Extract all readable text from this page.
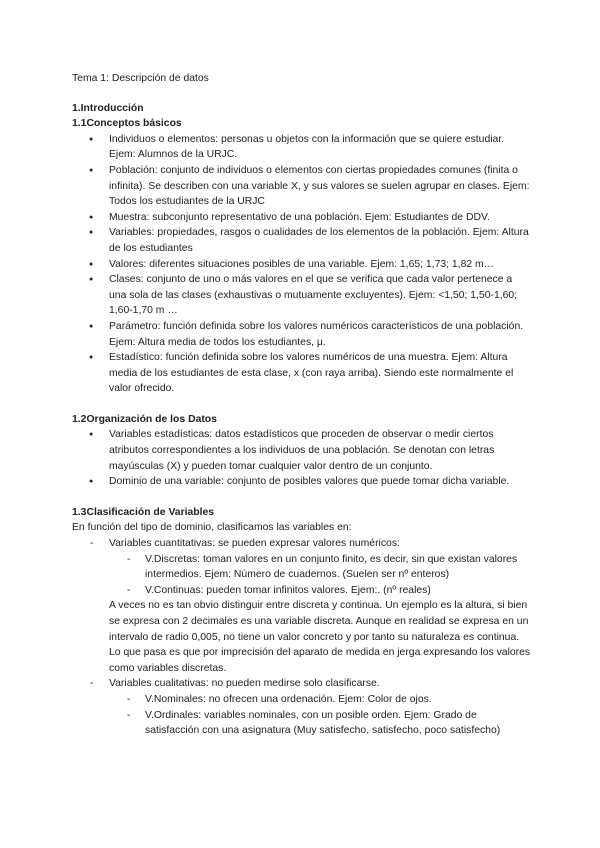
Tema 1: Descripción de datos

1.Introducción

1.1Conceptos básicos

● Individuos o elementos: personas u objetos con la información que se quiere estudiar. Ejem: Alumnos de la URJC.
● Población: conjunto de individuos o elementos con ciertas propiedades comunes (finita o infinita). Se describen con una variable X, y sus valores se suelen agrupar en clases. Ejem: Todos los estudiantes de la URJC
● Muestra: subconjunto representativo de una población. Ejem: Estudiantes de DDV.
● Variables: propiedades, rasgos o cualidades de los elementos de la población. Ejem: Altura de los estudiantes
● Valores: diferentes situaciones posibles de una variable. Ejem: 1,65; 1,73; 1,82 m…
● Clases: conjunto de uno o más valores en el que se verifica que cada valor pertenece a una sola de las clases (exhaustivas o mutuamente excluyentes). Ejem: <1,50; 1,50-1,60; 1,60-1,70 m …
● Parámetro: función definida sobre los valores numéricos característicos de una población. Ejem: Altura media de todos los estudiantes, μ.
● Estadístico: función definida sobre los valores numéricos de una muestra. Ejem: Altura media de los estudiantes de esta clase, x (con raya arriba). Siendo este normalmente el valor ofrecido.

1.2Organización de los Datos

● Variables estadísticas: datos estadísticos que proceden de observar o medir ciertos atributos correspondientes a los individuos de una población. Se denotan con letras mayúsculas (X) y pueden tomar cualquier valor dentro de un conjunto.
● Dominio de una variable: conjunto de posibles valores que puede tomar dicha variable.

1.3Clasificación de Variables

En función del tipo de dominio, clasificamos las variables en:

- Variables cuantitativas: se pueden expresar valores numéricos:
- V.Discretas: toman valores en un conjunto finito, es decir, sin que existan valores intermedios. Ejem: Número de cuadernos. (Suelen ser nº enteros)
- V.Continuas: pueden tomar infinitos valores. Ejem:. (nº reales)

A veces no es tan obvio distinguir entre discreta y continua. Un ejemplo es la altura, si bien se expresa con 2 decimales es una variable discreta. Aunque en realidad se expresa en un intervalo de radio 0,005, no tiene un valor concreto y por tanto su naturaleza es continua. Lo que pasa es que por imprecisión del aparato de medida en jerga expresando los valores como variables discretas.

- Variables cualitativas: no pueden medirse solo clasificarse.
- V.Nominales: no ofrecen una ordenación. Ejem: Color de ojos.
- V.Ordinales: variables nominales, con un posible orden. Ejem: Grado de satisfacción con una asignatura (Muy satisfecho, satisfecho, poco satisfecho)
